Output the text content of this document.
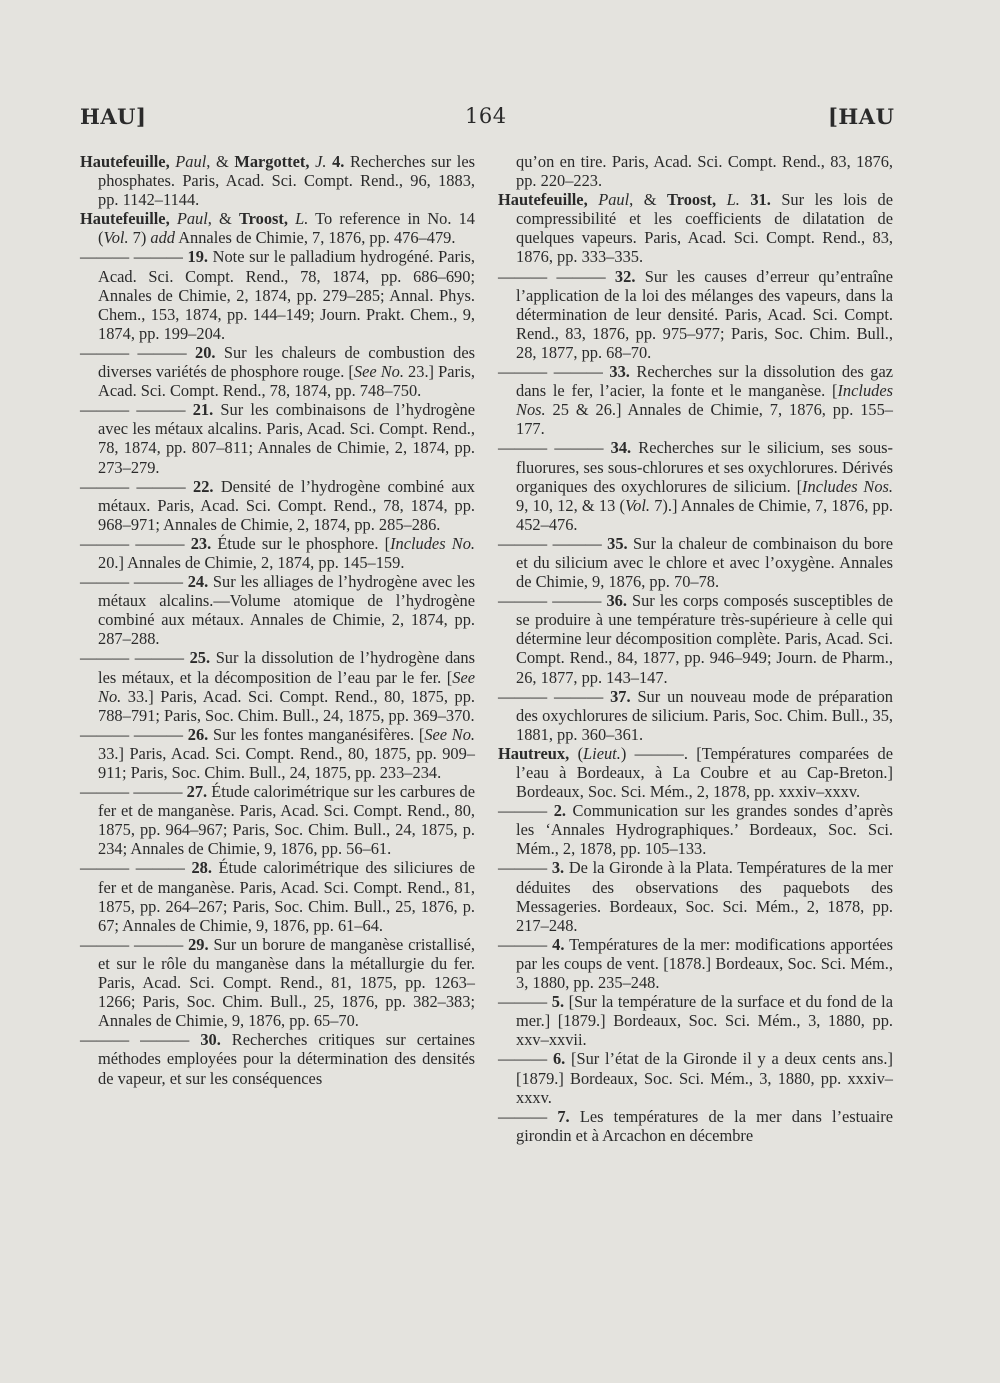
HAU]	164	[HAU

Hautefeuille, Paul, & Margottet, J. 4. Recherches sur les phosphates. Paris, Acad. Sci. Compt. Rend., 96, 1883, pp. 1142–1144.

Hautefeuille, Paul, & Troost, L. To reference in No. 14 (Vol. 7) add Annales de Chimie, 7, 1876, pp. 476–479.

——— ——— 19. Note sur le palladium hydrogéné. Paris, Acad. Sci. Compt. Rend., 78, 1874, pp. 686–690; Annales de Chimie, 2, 1874, pp. 279–285; Annal. Phys. Chem., 153, 1874, pp. 144–149; Journ. Prakt. Chem., 9, 1874, pp. 199–204.

——— ——— 20. Sur les chaleurs de combustion des diverses variétés de phosphore rouge. [See No. 23.] Paris, Acad. Sci. Compt. Rend., 78, 1874, pp. 748–750.

——— ——— 21. Sur les combinaisons de l’hydrogène avec les métaux alcalins. Paris, Acad. Sci. Compt. Rend., 78, 1874, pp. 807–811; Annales de Chimie, 2, 1874, pp. 273–279.

——— ——— 22. Densité de l’hydrogène combiné aux métaux. Paris, Acad. Sci. Compt. Rend., 78, 1874, pp. 968–971; Annales de Chimie, 2, 1874, pp. 285–286.

——— ——— 23. Étude sur le phosphore. [Includes No. 20.] Annales de Chimie, 2, 1874, pp. 145–159.

——— ——— 24. Sur les alliages de l’hydrogène avec les métaux alcalins.—Volume atomique de l’hydrogène combiné aux métaux. Annales de Chimie, 2, 1874, pp. 287–288.

——— ——— 25. Sur la dissolution de l’hydrogène dans les métaux, et la décomposition de l’eau par le fer. [See No. 33.] Paris, Acad. Sci. Compt. Rend., 80, 1875, pp. 788–791; Paris, Soc. Chim. Bull., 24, 1875, pp. 369–370.

——— ——— 26. Sur les fontes manganésifères. [See No. 33.] Paris, Acad. Sci. Compt. Rend., 80, 1875, pp. 909–911; Paris, Soc. Chim. Bull., 24, 1875, pp. 233–234.

——— ——— 27. Étude calorimétrique sur les carbures de fer et de manganèse. Paris, Acad. Sci. Compt. Rend., 80, 1875, pp. 964–967; Paris, Soc. Chim. Bull., 24, 1875, p. 234; Annales de Chimie, 9, 1876, pp. 56–61.

——— ——— 28. Étude calorimétrique des siliciures de fer et de manganèse. Paris, Acad. Sci. Compt. Rend., 81, 1875, pp. 264–267; Paris, Soc. Chim. Bull., 25, 1876, p. 67; Annales de Chimie, 9, 1876, pp. 61–64.

——— ——— 29. Sur un borure de manganèse cristallisé, et sur le rôle du manganèse dans la métallurgie du fer. Paris, Acad. Sci. Compt. Rend., 81, 1875, pp. 1263–1266; Paris, Soc. Chim. Bull., 25, 1876, pp. 382–383; Annales de Chimie, 9, 1876, pp. 65–70.

——— ——— 30. Recherches critiques sur certaines méthodes employées pour la détermination des densités de vapeur, et sur les conséquences

qu’on en tire. Paris, Acad. Sci. Compt. Rend., 83, 1876, pp. 220–223.

Hautefeuille, Paul, & Troost, L. 31. Sur les lois de compressibilité et les coefficients de dilatation de quelques vapeurs. Paris, Acad. Sci. Compt. Rend., 83, 1876, pp. 333–335.

——— ——— 32. Sur les causes d’erreur qu’entraîne l’application de la loi des mélanges des vapeurs, dans la détermination de leur densité. Paris, Acad. Sci. Compt. Rend., 83, 1876, pp. 975–977; Paris, Soc. Chim. Bull., 28, 1877, pp. 68–70.

——— ——— 33. Recherches sur la dissolution des gaz dans le fer, l’acier, la fonte et le manganèse. [Includes Nos. 25 & 26.] Annales de Chimie, 7, 1876, pp. 155–177.

——— ——— 34. Recherches sur le silicium, ses sous-fluorures, ses sous-chlorures et ses oxychlorures. Dérivés organiques des oxychlorures de silicium. [Includes Nos. 9, 10, 12, & 13 (Vol. 7).] Annales de Chimie, 7, 1876, pp. 452–476.

——— ——— 35. Sur la chaleur de combinaison du bore et du silicium avec le chlore et avec l’oxygène. Annales de Chimie, 9, 1876, pp. 70–78.

——— ——— 36. Sur les corps composés susceptibles de se produire à une température très-supérieure à celle qui détermine leur décomposition complète. Paris, Acad. Sci. Compt. Rend., 84, 1877, pp. 946–949; Journ. de Pharm., 26, 1877, pp. 143–147.

——— ——— 37. Sur un nouveau mode de préparation des oxychlorures de silicium. Paris, Soc. Chim. Bull., 35, 1881, pp. 360–361.

Hautreux, (Lieut.) ———. [Températures comparées de l’eau à Bordeaux, à La Coubre et au Cap-Breton.] Bordeaux, Soc. Sci. Mém., 2, 1878, pp. xxxiv–xxxv.

——— 2. Communication sur les grandes sondes d’après les ‘Annales Hydrographiques.’ Bordeaux, Soc. Sci. Mém., 2, 1878, pp. 105–133.

——— 3. De la Gironde à la Plata. Températures de la mer déduites des observations des paquebots des Messageries. Bordeaux, Soc. Sci. Mém., 2, 1878, pp. 217–248.

——— 4. Températures de la mer: modifications apportées par les coups de vent. [1878.] Bordeaux, Soc. Sci. Mém., 3, 1880, pp. 235–248.

——— 5. [Sur la température de la surface et du fond de la mer.] [1879.] Bordeaux, Soc. Sci. Mém., 3, 1880, pp. xxv–xxvii.

——— 6. [Sur l’état de la Gironde il y a deux cents ans.] [1879.] Bordeaux, Soc. Sci. Mém., 3, 1880, pp. xxxiv–xxxv.

——— 7. Les températures de la mer dans l’estuaire girondin et à Arcachon en décembre
